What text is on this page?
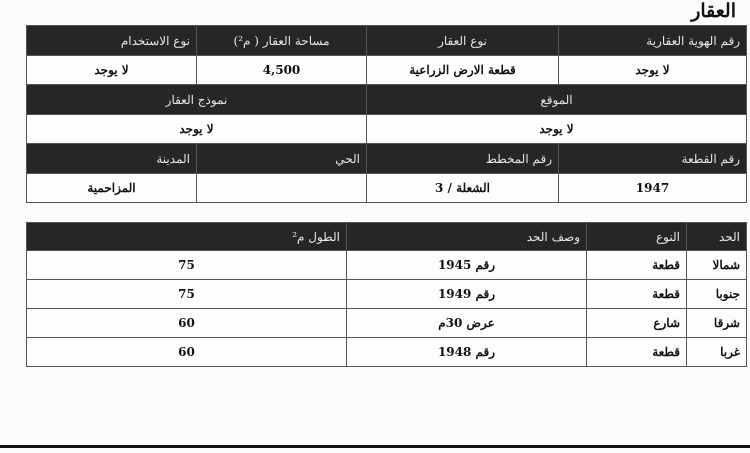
العقار
رقم الهوية العقارية	نوع العقار	مساحة العقار ( م²)	نوع الاستخدام
لا يوجد	قطعة الارض الزراعية	4,500	لا يوجد
الموقع		نموذج العقار	
لا يوجد		لا يوجد	
رقم القطعة	رقم المخطط	الحي	المدينة
1947	الشعلة / 3		المزاحمية
الحد	النوع	وصف الحد	الطول م²
شمالا	قطعة	رقم 1945	75
جنوبا	قطعة	رقم 1949	75
شرقا	شارع	عرض 30م	60
غربا	قطعة	رقم 1948	60
